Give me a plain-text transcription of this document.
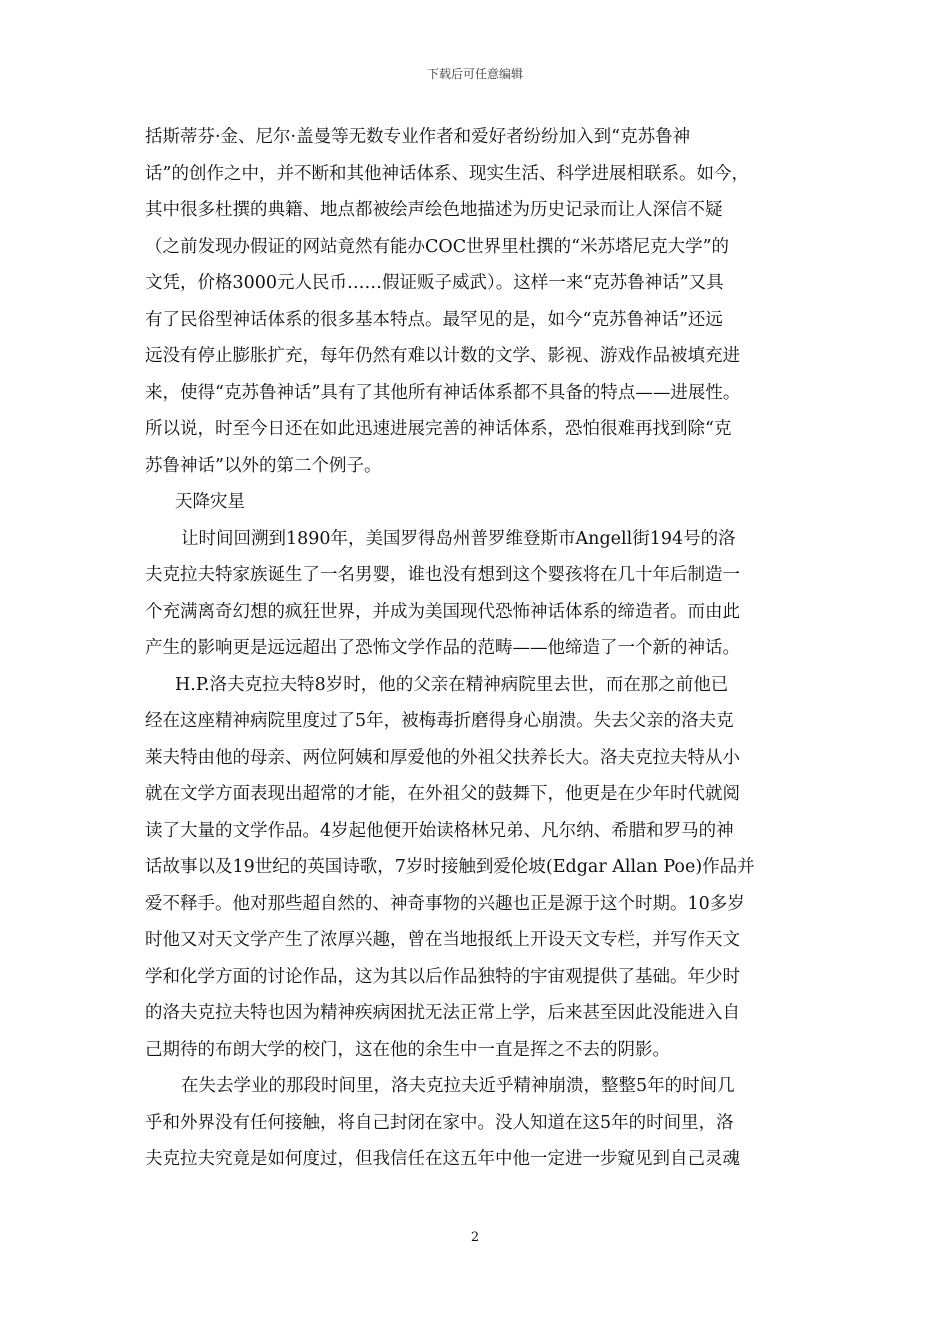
下载后可任意编辑
括斯蒂芬·金、尼尔·盖曼等无数专业作者和爱好者纷纷加入到“克苏鲁神
话”的创作之中，并不断和其他神话体系、现实生活、科学进展相联系。如今，
其中很多杜撰的典籍、地点都被绘声绘色地描述为历史记录而让人深信不疑
（之前发现办假证的网站竟然有能办COC世界里杜撰的“米苏塔尼克大学”的
文凭，价格3000元人民币……假证贩子威武）。这样一来“克苏鲁神话”又具
有了民俗型神话体系的很多基本特点。最罕见的是，如今“克苏鲁神话”还远
远没有停止膨胀扩充，每年仍然有难以计数的文学、影视、游戏作品被填充进
来，使得“克苏鲁神话”具有了其他所有神话体系都不具备的特点——进展性。
所以说，时至今日还在如此迅速进展完善的神话体系，恐怕很难再找到除“克
苏鲁神话”以外的第二个例子。
天降灾星
让时间回溯到1890年，美国罗得岛州普罗维登斯市Angell街194号的洛
夫克拉夫特家族诞生了一名男婴，谁也没有想到这个婴孩将在几十年后制造一
个充满离奇幻想的疯狂世界，并成为美国现代恐怖神话体系的缔造者。而由此
产生的影响更是远远超出了恐怖文学作品的范畴——他缔造了一个新的神话。
H.P.洛夫克拉夫特8岁时，他的父亲在精神病院里去世，而在那之前他已
经在这座精神病院里度过了5年，被梅毒折磨得身心崩溃。失去父亲的洛夫克
莱夫特由他的母亲、两位阿姨和厚爱他的外祖父扶养长大。洛夫克拉夫特从小
就在文学方面表现出超常的才能，在外祖父的鼓舞下，他更是在少年时代就阅
读了大量的文学作品。4岁起他便开始读格林兄弟、凡尔纳、希腊和罗马的神
话故事以及19世纪的英国诗歌，7岁时接触到爱伦坡(Edgar Allan Poe)作品并
爱不释手。他对那些超自然的、神奇事物的兴趣也正是源于这个时期。10多岁
时他又对天文学产生了浓厚兴趣，曾在当地报纸上开设天文专栏，并写作天文
学和化学方面的讨论作品，这为其以后作品独特的宇宙观提供了基础。年少时
的洛夫克拉夫特也因为精神疾病困扰无法正常上学，后来甚至因此没能进入自
己期待的布朗大学的校门，这在他的余生中一直是挥之不去的阴影。
在失去学业的那段时间里，洛夫克拉夫近乎精神崩溃，整整5年的时间几
乎和外界没有任何接触，将自己封闭在家中。没人知道在这5年的时间里，洛
夫克拉夫究竟是如何度过，但我信任在这五年中他一定进一步窥见到自己灵魂
2
